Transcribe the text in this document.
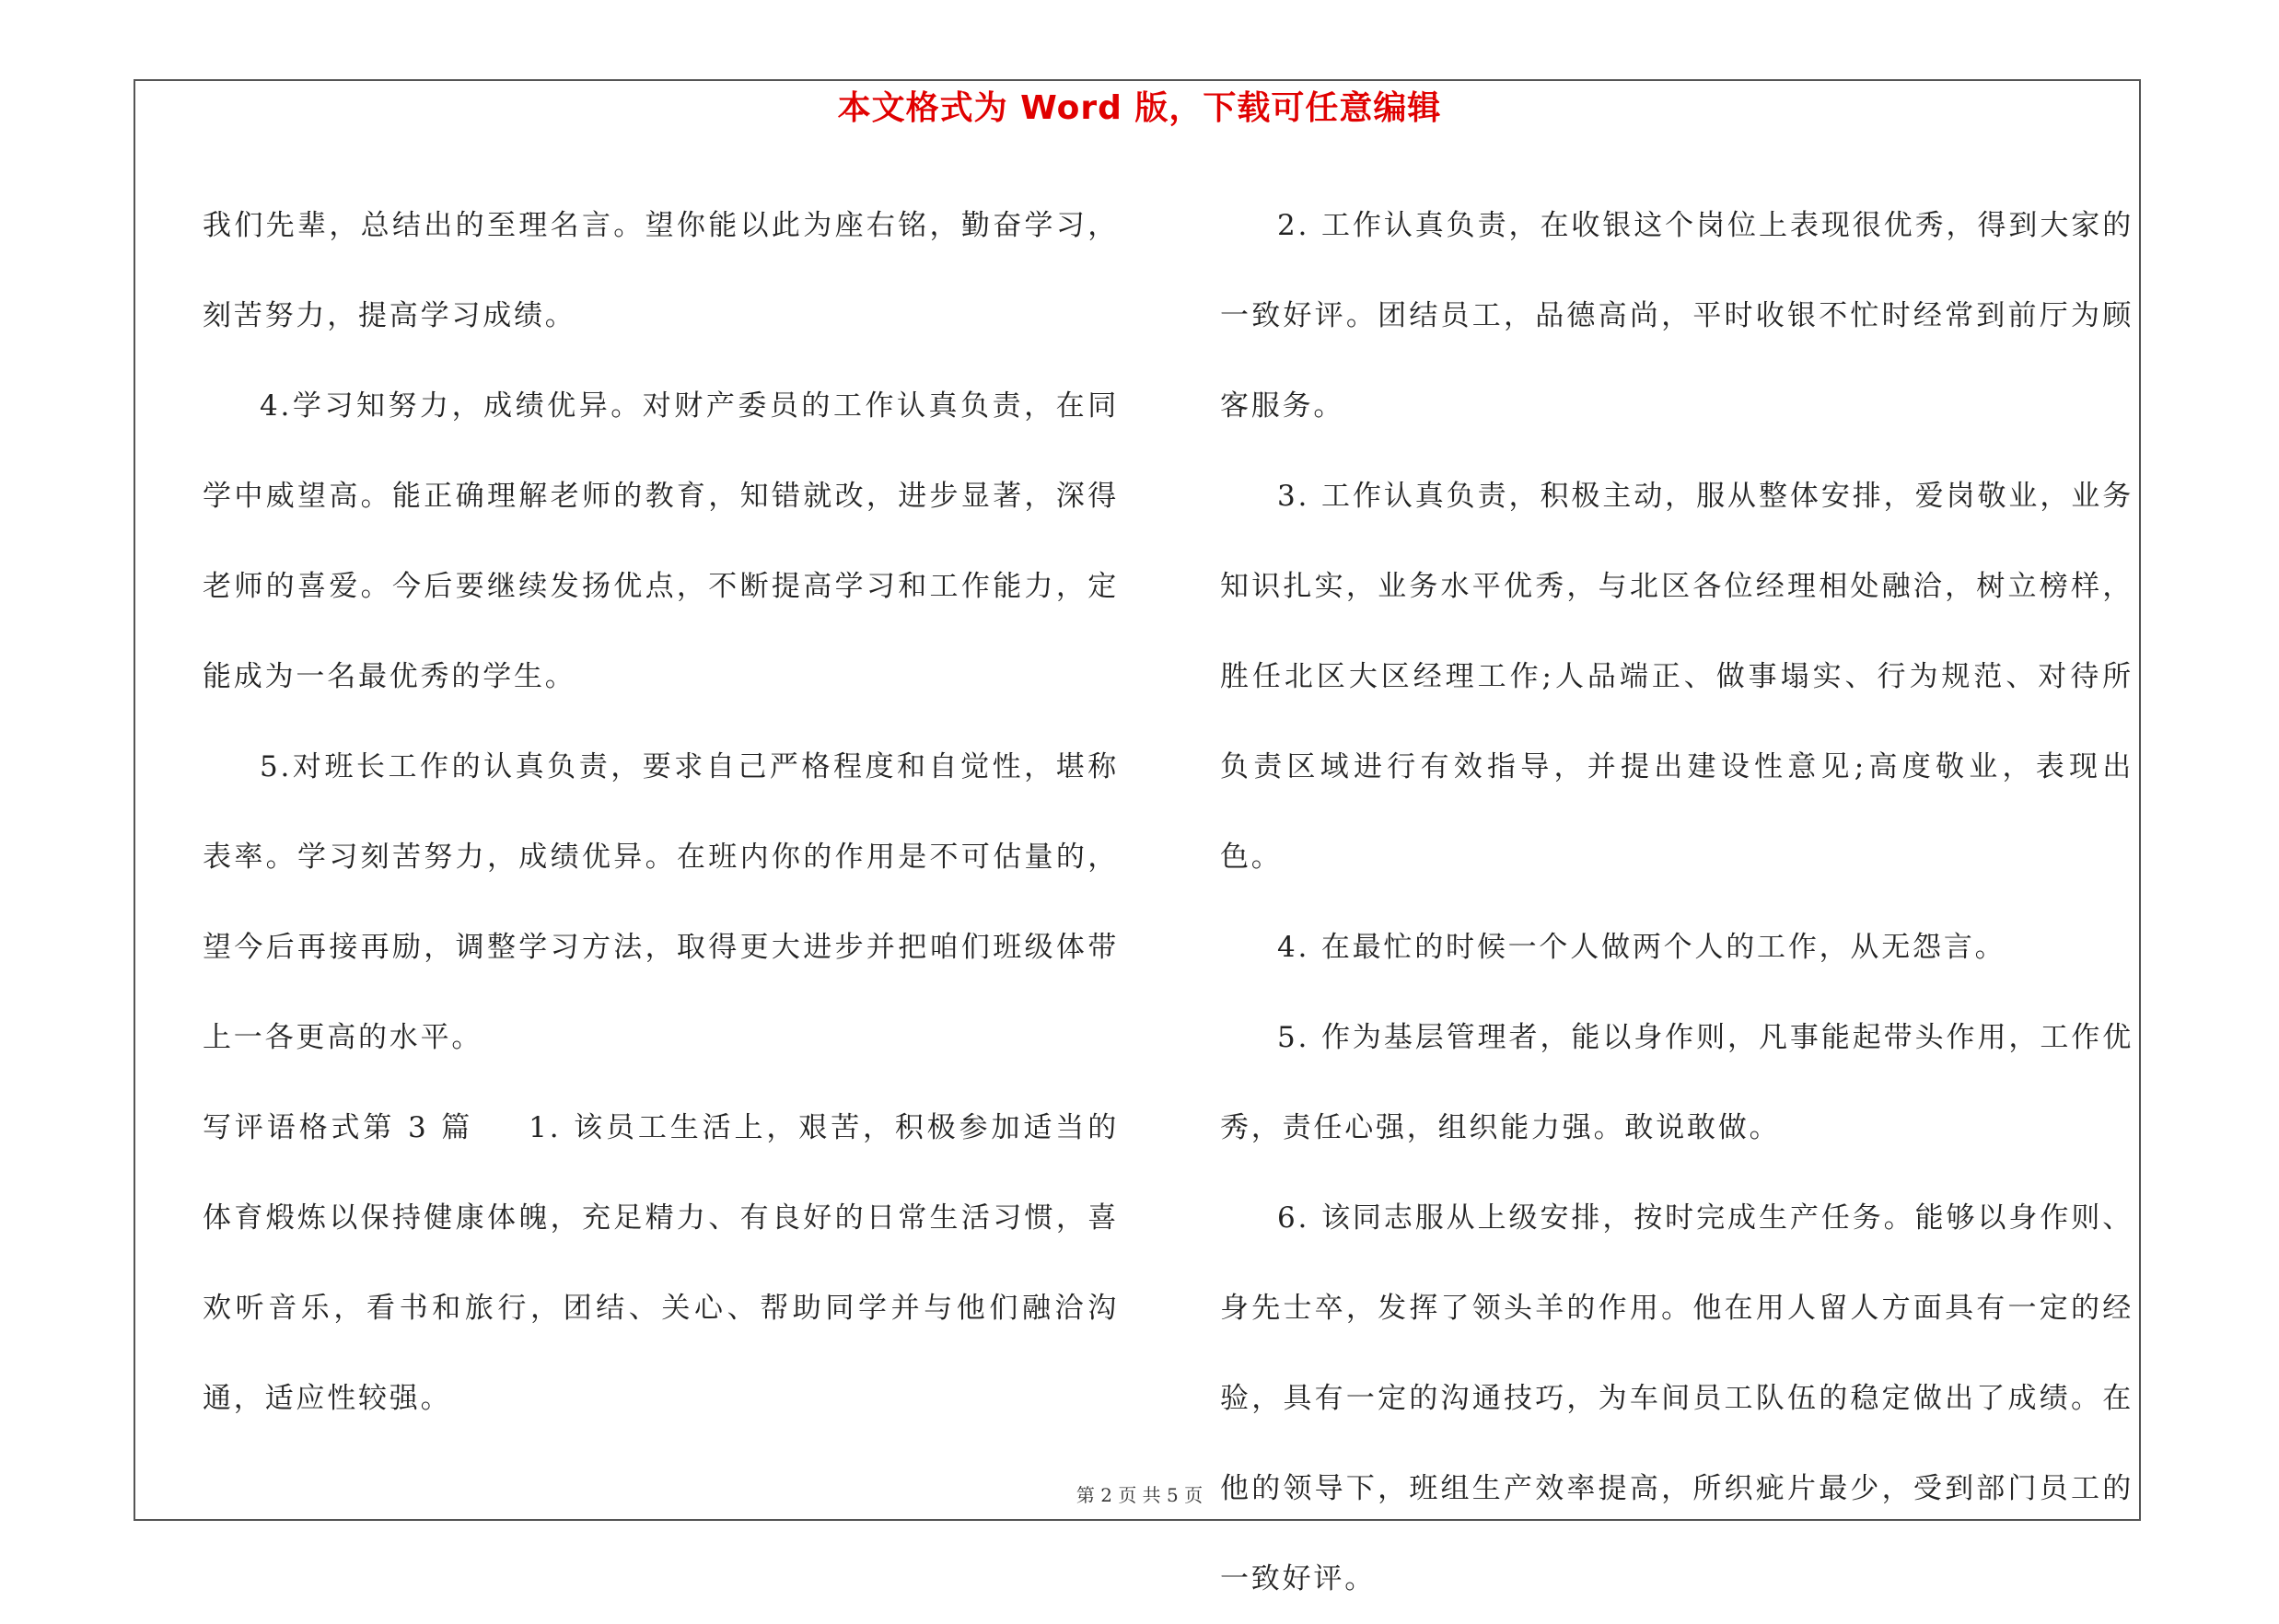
本文格式为 Word 版，下载可任意编辑

我们先辈，总结出的至理名言。望你能以此为座右铭，勤奋学习，刻苦努力，提高学习成绩。

4.学习知努力，成绩优异。对财产委员的工作认真负责，在同学中威望高。能正确理解老师的教育，知错就改，进步显著，深得老师的喜爱。今后要继续发扬优点，不断提高学习和工作能力，定能成为一名最优秀的学生。

5.对班长工作的认真负责，要求自己严格程度和自觉性，堪称表率。学习刻苦努力，成绩优异。在班内你的作用是不可估量的，望今后再接再励，调整学习方法，取得更大进步并把咱们班级体带上一各更高的水平。

写评语格式第 3 篇 1. 该员工生活上，艰苦，积极参加适当的体育煅炼以保持健康体魄，充足精力、有良好的日常生活习惯，喜欢听音乐，看书和旅行，团结、关心、帮助同学并与他们融洽沟通，适应性较强。

2. 工作认真负责，在收银这个岗位上表现很优秀，得到大家的一致好评。团结员工，品德高尚，平时收银不忙时经常到前厅为顾客服务。

3. 工作认真负责，积极主动，服从整体安排，爱岗敬业，业务知识扎实，业务水平优秀，与北区各位经理相处融洽，树立榜样，胜任北区大区经理工作;人品端正、做事塌实、行为规范、对待所负责区域进行有效指导，并提出建设性意见;高度敬业，表现出色。

4. 在最忙的时候一个人做两个人的工作，从无怨言。

5. 作为基层管理者，能以身作则，凡事能起带头作用，工作优秀，责任心强，组织能力强。敢说敢做。

6. 该同志服从上级安排，按时完成生产任务。能够以身作则、身先士卒，发挥了领头羊的作用。他在用人留人方面具有一定的经验，具有一定的沟通技巧，为车间员工队伍的稳定做出了成绩。在他的领导下，班组生产效率提高，所织疵片最少，受到部门员工的一致好评。

第 2 页 共 5 页
